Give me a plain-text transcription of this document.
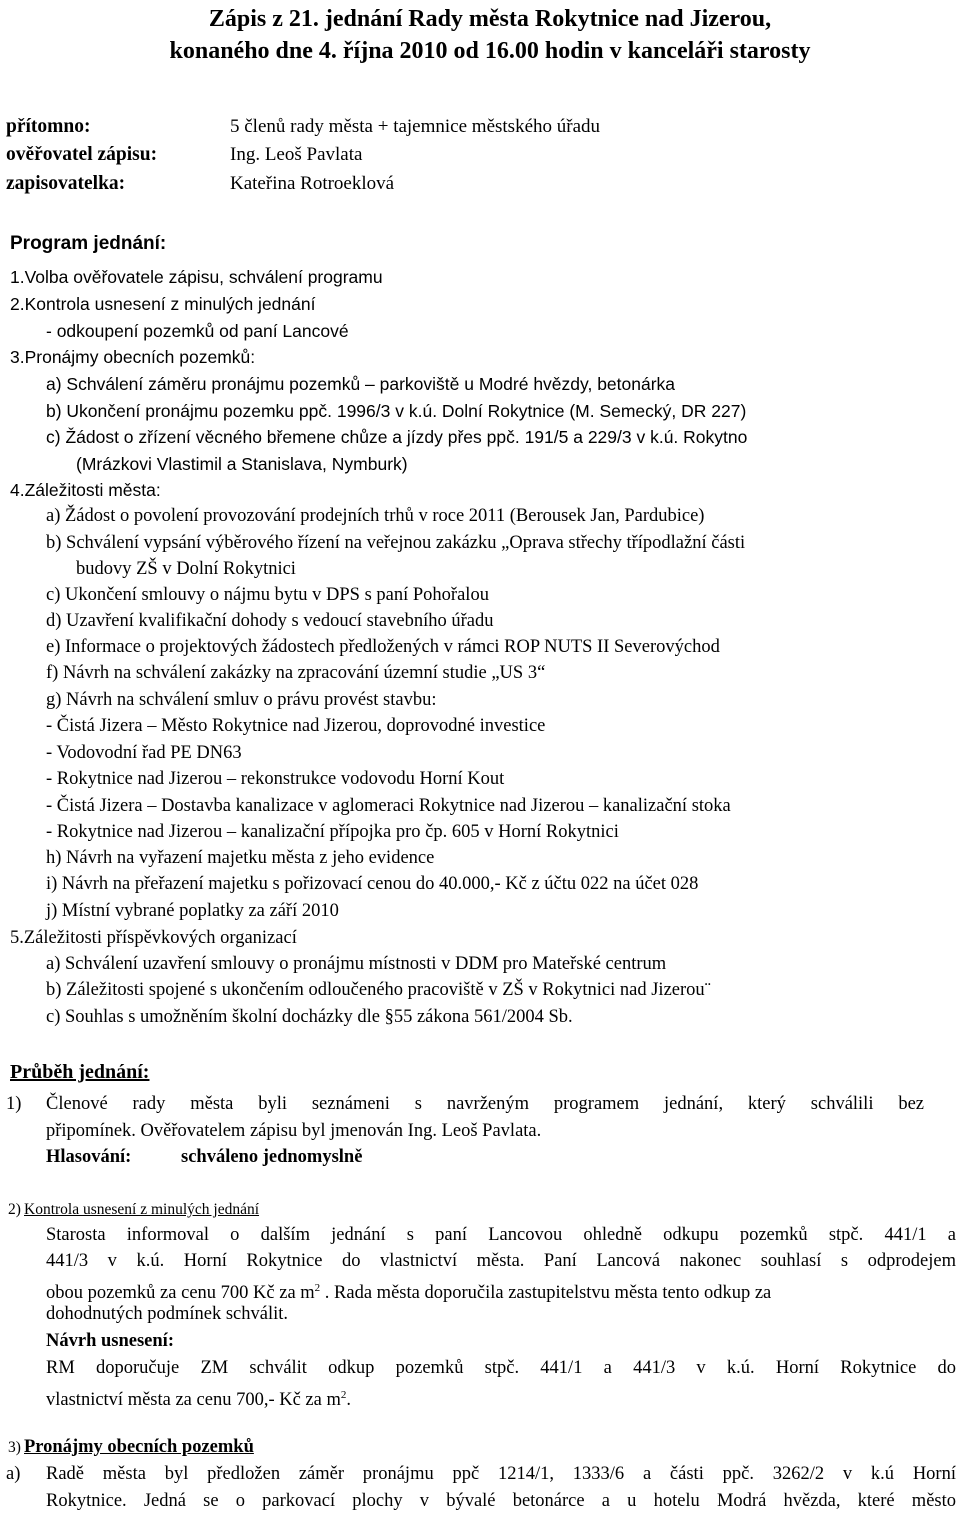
Zápis z 21. jednání Rady města Rokytnice nad Jizerou,
konaného dne 4. října 2010 od 16.00 hodin v kanceláři starosty
přítomno:	5 členů rady města + tajemnice městského úřadu
ověřovatel zápisu:	Ing. Leoš Pavlata
zapisovatelka:	Kateřina Rotroeklová
Program jednání:
1.Volba ověřovatele zápisu, schválení programu
2.Kontrola usnesení z minulých jednání
- odkoupení pozemků od paní Lancové
3.Pronájmy obecních pozemků:
a) Schválení záměru pronájmu pozemků – parkoviště u Modré hvězdy, betonárka
b) Ukončení pronájmu pozemku ppč. 1996/3 v k.ú. Dolní Rokytnice (M. Semecký, DR 227)
c) Žádost o zřízení věcného břemene chůze a jízdy přes ppč. 191/5 a 229/3 v k.ú. Rokytno
(Mrázkovi Vlastimil a Stanislava, Nymburk)
4.Záležitosti města:
a) Žádost o povolení provozování prodejních trhů v roce 2011 (Berousek Jan, Pardubice)
b) Schválení vypsání výběrového řízení na veřejnou zakázku „Oprava střechy třípodlažní části
budovy ZŠ v Dolní Rokytnici
c) Ukončení smlouvy o nájmu bytu v DPS s paní Pohořalou
d) Uzavření kvalifikační dohody s vedoucí stavebního úřadu
e) Informace o projektových žádostech předložených v rámci ROP NUTS II Severovýchod
f) Návrh na schválení zakázky na zpracování územní studie „US 3“
g) Návrh na schválení smluv o právu provést stavbu:
- Čistá Jizera – Město Rokytnice nad Jizerou, doprovodné investice
- Vodovodní řad PE DN63
- Rokytnice nad Jizerou – rekonstrukce vodovodu Horní Kout
- Čistá Jizera – Dostavba kanalizace v aglomeraci Rokytnice nad Jizerou – kanalizační stoka
- Rokytnice nad Jizerou – kanalizační přípojka pro čp. 605 v Horní Rokytnici
h) Návrh na vyřazení majetku města z jeho evidence
i) Návrh na přeřazení majetku s pořizovací cenou do 40.000,- Kč z účtu 022 na účet 028
j) Místní vybrané poplatky za září 2010
5.Záležitosti příspěvkových organizací
a) Schválení uzavření smlouvy o pronájmu místnosti v DDM pro Mateřské centrum
b) Záležitosti spojené s ukončením odloučeného pracoviště v ZŠ v Rokytnici nad Jizerou¨
c) Souhlas s umožněním školní docházky dle §55 zákona 561/2004 Sb.
Průběh jednání:
1) Členové rady města byli seznámeni s navrženým programem jednání, který schválili bez
připomínek. Ověřovatelem zápisu byl jmenován Ing. Leoš Pavlata.
Hlasování:	schváleno jednomyslně
2) Kontrola usnesení z minulých jednání
Starosta informoval o dalším jednání s paní Lancovou ohledně odkupu pozemků stpč. 441/1 a
441/3 v k.ú. Horní Rokytnice do vlastnictví města. Paní Lancová nakonec souhlasí s odprodejem
obou pozemků za cenu 700 Kč za $m^2$ . Rada města doporučila zastupitelstvu města tento odkup za
dohodnutých podmínek schválit.
Návrh usnesení:
RM doporučuje ZM schválit odkup pozemků stpč. 441/1 a 441/3 v k.ú. Horní Rokytnice do
vlastnictví města za cenu 700,- Kč za $m^2$.
3) Pronájmy obecních pozemků
a) Radě města byl předložen záměr pronájmu ppč 1214/1, 1333/6 a části ppč. 3262/2 v k.ú Horní
Rokytnice. Jedná se o parkovací plochy v bývalé betonárce a u hotelu Modrá hvězda, které město
